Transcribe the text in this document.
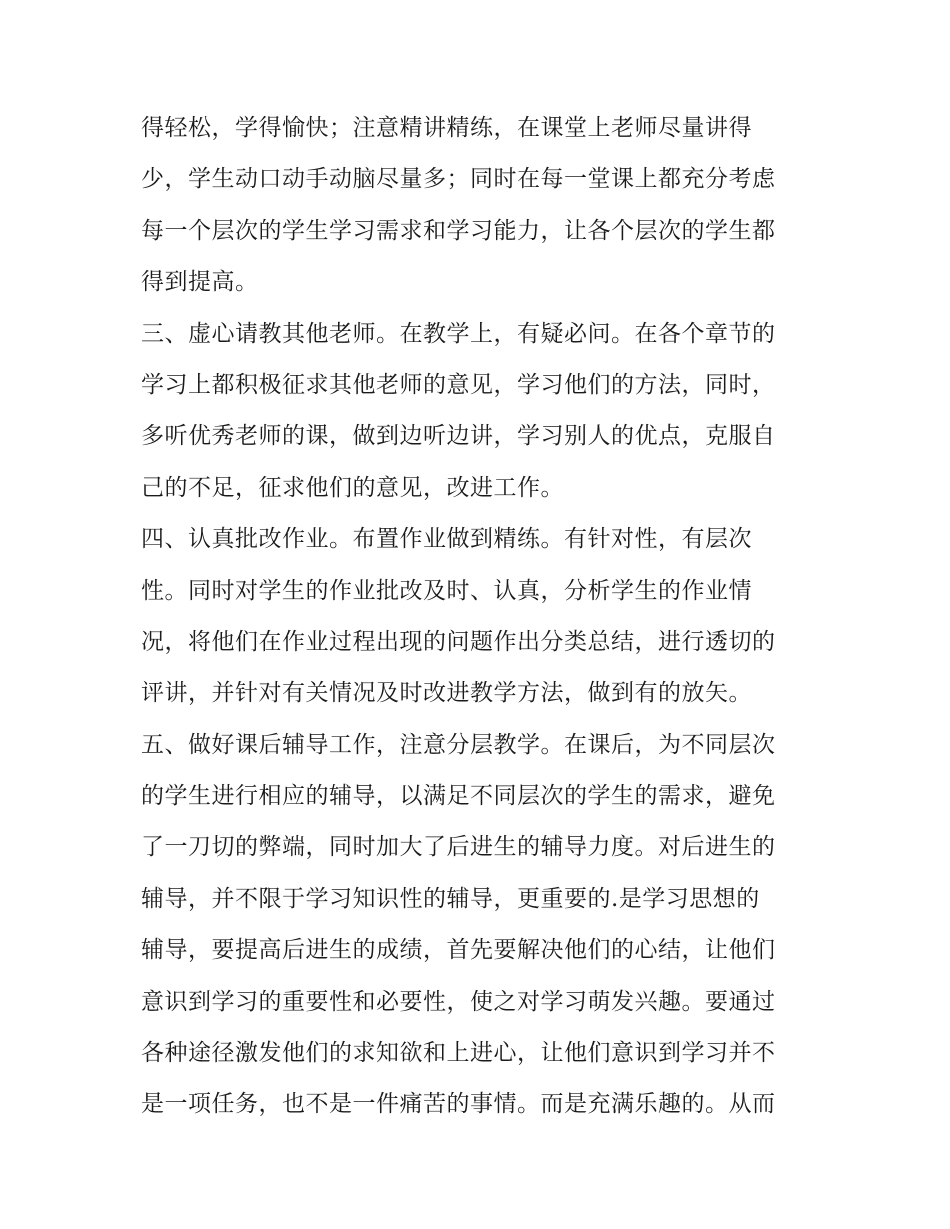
得轻松，学得愉快；注意精讲精练，在课堂上老师尽量讲得
少，学生动口动手动脑尽量多；同时在每一堂课上都充分考虑
每一个层次的学生学习需求和学习能力，让各个层次的学生都
得到提高。
三、虚心请教其他老师。在教学上，有疑必问。在各个章节的
学习上都积极征求其他老师的意见，学习他们的方法，同时，
多听优秀老师的课，做到边听边讲，学习别人的优点，克服自
己的不足，征求他们的意见，改进工作。
四、认真批改作业。布置作业做到精练。有针对性，有层次
性。同时对学生的作业批改及时、认真，分析学生的作业情
况，将他们在作业过程出现的问题作出分类总结，进行透切的
评讲，并针对有关情况及时改进教学方法，做到有的放矢。
五、做好课后辅导工作，注意分层教学。在课后，为不同层次
的学生进行相应的辅导，以满足不同层次的学生的需求，避免
了一刀切的弊端，同时加大了后进生的辅导力度。对后进生的
辅导，并不限于学习知识性的辅导，更重要的.是学习思想的
辅导，要提高后进生的成绩，首先要解决他们的心结，让他们
意识到学习的重要性和必要性，使之对学习萌发兴趣。要通过
各种途径激发他们的求知欲和上进心，让他们意识到学习并不
是一项任务，也不是一件痛苦的事情。而是充满乐趣的。从而
